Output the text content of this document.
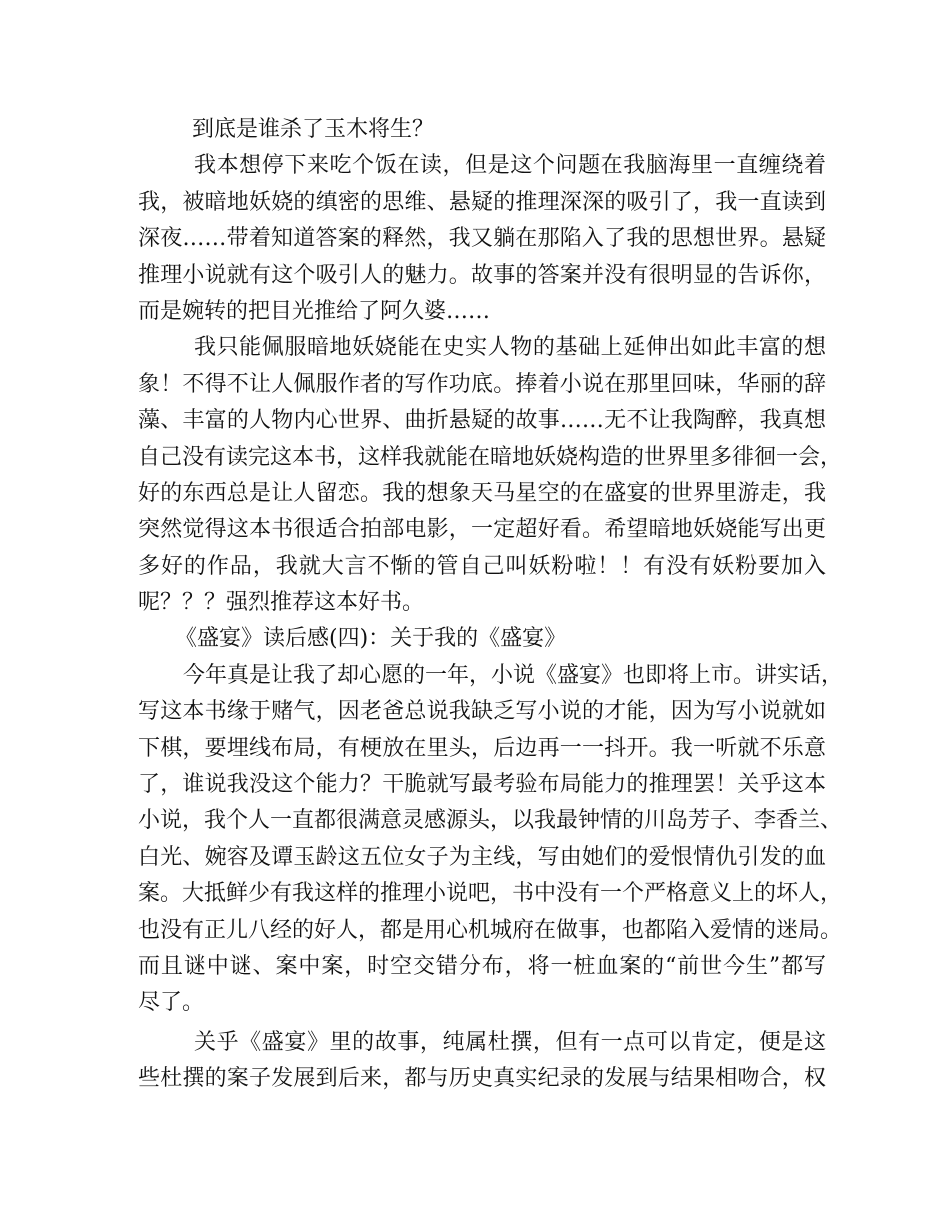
到底是谁杀了玉木将生？
我本想停下来吃个饭在读，但是这个问题在我脑海里一直缠绕着
我，被暗地妖娆的缜密的思维、悬疑的推理深深的吸引了，我一直读到
深夜……带着知道答案的释然，我又躺在那陷入了我的思想世界。悬疑
推理小说就有这个吸引人的魅力。故事的答案并没有很明显的告诉你，
而是婉转的把目光推给了阿久婆……
我只能佩服暗地妖娆能在史实人物的基础上延伸出如此丰富的想
象！不得不让人佩服作者的写作功底。捧着小说在那里回味，华丽的辞
藻、丰富的人物内心世界、曲折悬疑的故事……无不让我陶醉，我真想
自己没有读完这本书，这样我就能在暗地妖娆构造的世界里多徘徊一会，
好的东西总是让人留恋。我的想象天马星空的在盛宴的世界里游走，我
突然觉得这本书很适合拍部电影，一定超好看。希望暗地妖娆能写出更
多好的作品，我就大言不惭的管自己叫妖粉啦！！有没有妖粉要加入
呢？？？强烈推荐这本好书。
《盛宴》读后感(四)：关于我的《盛宴》
今年真是让我了却心愿的一年，小说《盛宴》也即将上市。讲实话，
写这本书缘于赌气，因老爸总说我缺乏写小说的才能，因为写小说就如
下棋，要埋线布局，有梗放在里头，后边再一一抖开。我一听就不乐意
了，谁说我没这个能力？干脆就写最考验布局能力的推理罢！关乎这本
小说，我个人一直都很满意灵感源头，以我最钟情的川岛芳子、李香兰、
白光、婉容及谭玉龄这五位女子为主线，写由她们的爱恨情仇引发的血
案。大抵鲜少有我这样的推理小说吧，书中没有一个严格意义上的坏人，
也没有正儿八经的好人，都是用心机城府在做事，也都陷入爱情的迷局。
而且谜中谜、案中案，时空交错分布，将一桩血案的“前世今生”都写
尽了。
关乎《盛宴》里的故事，纯属杜撰，但有一点可以肯定，便是这
些杜撰的案子发展到后来，都与历史真实纪录的发展与结果相吻合，权
